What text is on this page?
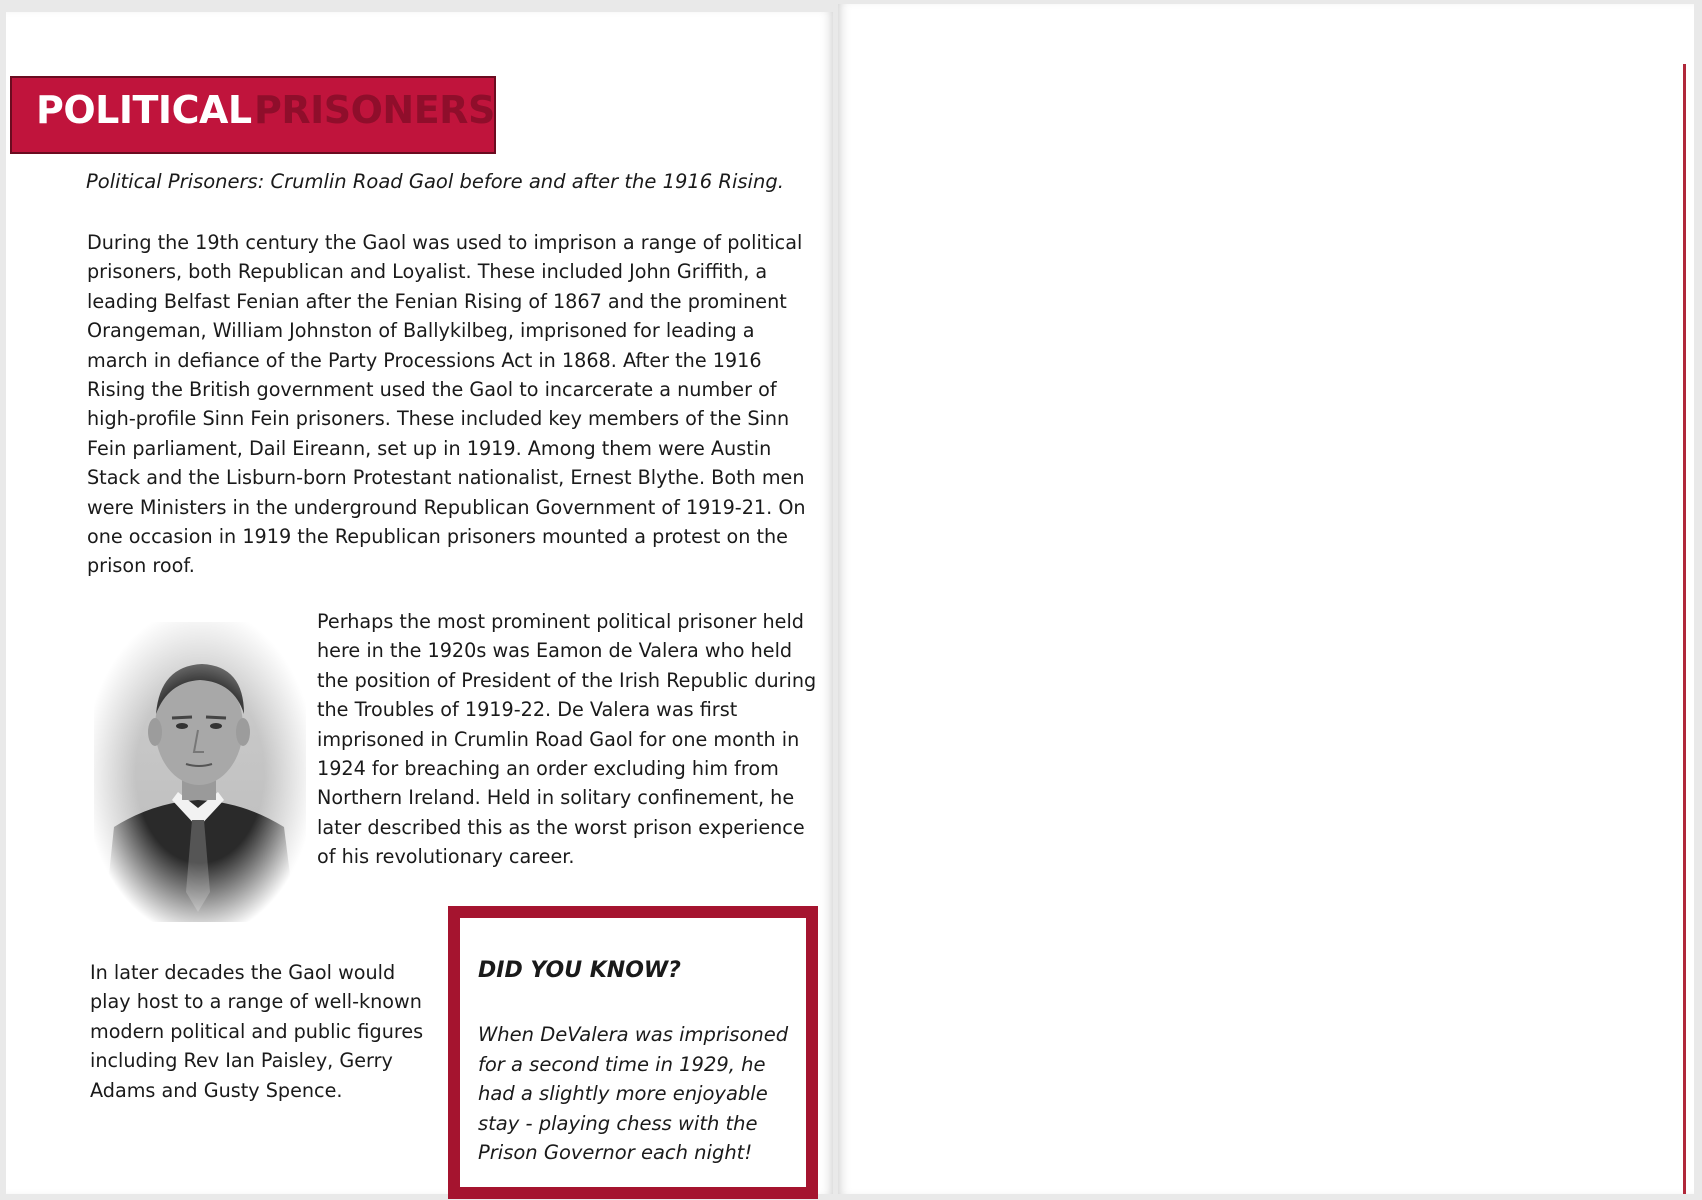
POLITICAL PRISONERS
Political Prisoners: Crumlin Road Gaol before and after the 1916 Rising.
During the 19th century the Gaol was used to imprison a range of political prisoners, both Republican and Loyalist. These included John Griffith, a leading Belfast Fenian after the Fenian Rising of 1867 and the prominent Orangeman, William Johnston of Ballykilbeg, imprisoned for leading a march in defiance of the Party Processions Act in 1868. After the 1916 Rising the British government used the Gaol to incarcerate a number of high-profile Sinn Fein prisoners. These included key members of the Sinn Fein parliament, Dail Eireann, set up in 1919. Among them were Austin Stack and the Lisburn-born Protestant nationalist, Ernest Blythe. Both men were Ministers in the underground Republican Government of 1919-21. On one occasion in 1919 the Republican prisoners mounted a protest on the prison roof.
Perhaps the most prominent political prisoner held here in the 1920s was Eamon de Valera who held the position of President of the Irish Republic during the Troubles of 1919-22. De Valera was first imprisoned in Crumlin Road Gaol for one month in 1924 for breaching an order excluding him from Northern Ireland. Held in solitary confinement, he later described this as the worst prison experience of his revolutionary career.
In later decades the Gaol would play host to a range of well-known modern political and public figures including Rev Ian Paisley, Gerry Adams and Gusty Spence.
DID YOU KNOW?
When DeValera was imprisoned for a second time in 1929, he had a slightly more enjoyable stay - playing chess with the Prison Governor each night!
